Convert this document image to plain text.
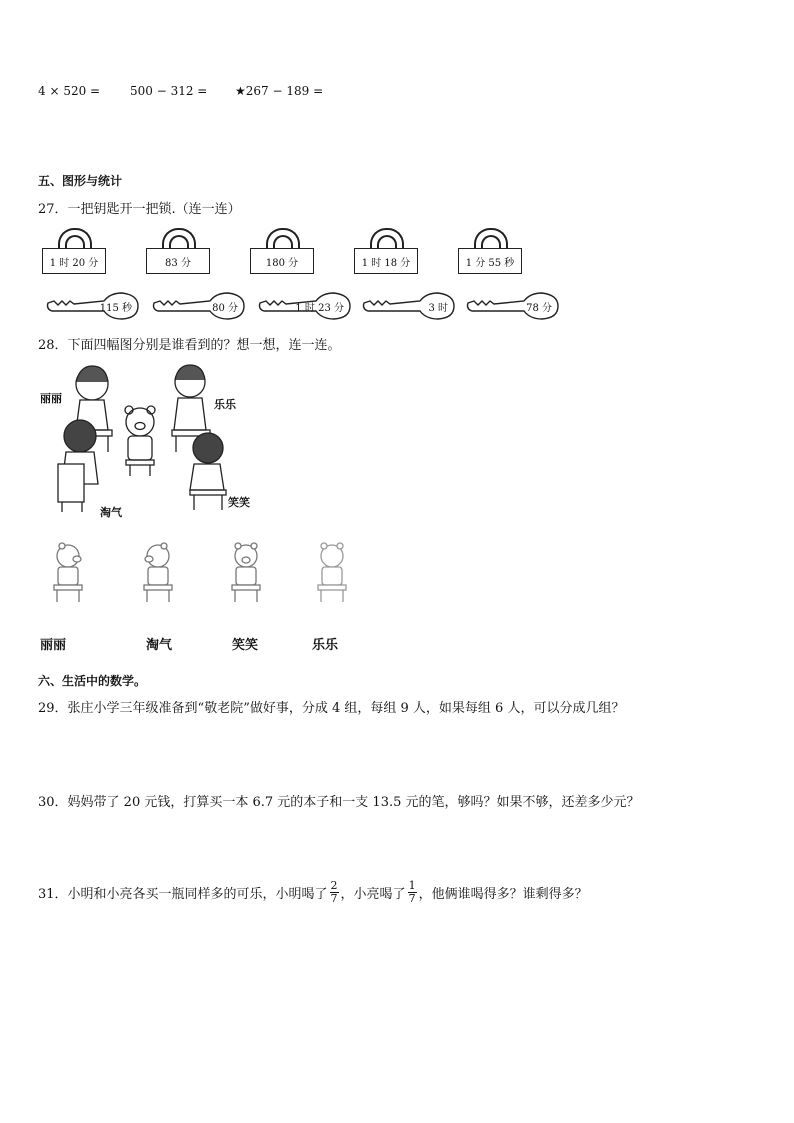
4 × 520 = 500 − 312 = ★267 − 189 =
五、图形与统计
27．一把钥匙开一把锁.（连一连）
1 时 20 分	83 分	180 分	1 时 18 分	1 分 55 秒
115 秒	80 分	1 时 23 分	3 时	78 分
28．下面四幅图分别是谁看到的？想一想，连一连。
丽丽	乐乐
淘气
笑笑
丽丽	淘气	笑笑	乐乐
六、生活中的数学。
29．张庄小学三年级准备到“敬老院”做好事，分成 4 组，每组 9 人，如果每组 6 人，可以分成几组？
30．妈妈带了 20 元钱，打算买一本 6.7 元的本子和一支 13.5 元的笔，够吗？如果不够，还差多少元？
31．小明和小亮各买一瓶同样多的可乐，小明喝了 $\frac{2}{7}$ ，小亮喝了 $\frac{1}{7}$ ，他俩谁喝得多？谁剩得多？
